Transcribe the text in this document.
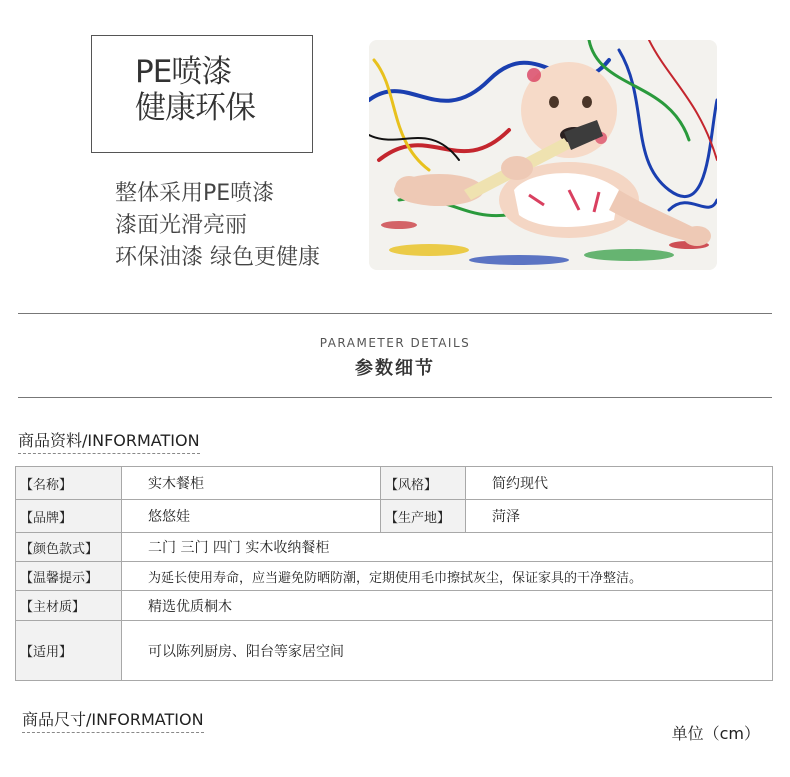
PE喷漆
健康环保
整体采用PE喷漆
漆面光滑亮丽
环保油漆 绿色更健康
PARAMETER DETAILS
参数细节
商品资料/INFORMATION
【名称】	实木餐柜	【风格】	简约现代
【品牌】	悠悠娃	【生产地】	菏泽
【颜色款式】	二门 三门 四门 实木收纳餐柜		
【温馨提示】	为延长使用寿命，应当避免防晒防潮，定期使用毛巾擦拭灰尘，保证家具的干净整洁。		
【主材质】	精选优质桐木		
【适用】	可以陈列厨房、阳台等家居空间		
商品尺寸/INFORMATION
单位（cm）
